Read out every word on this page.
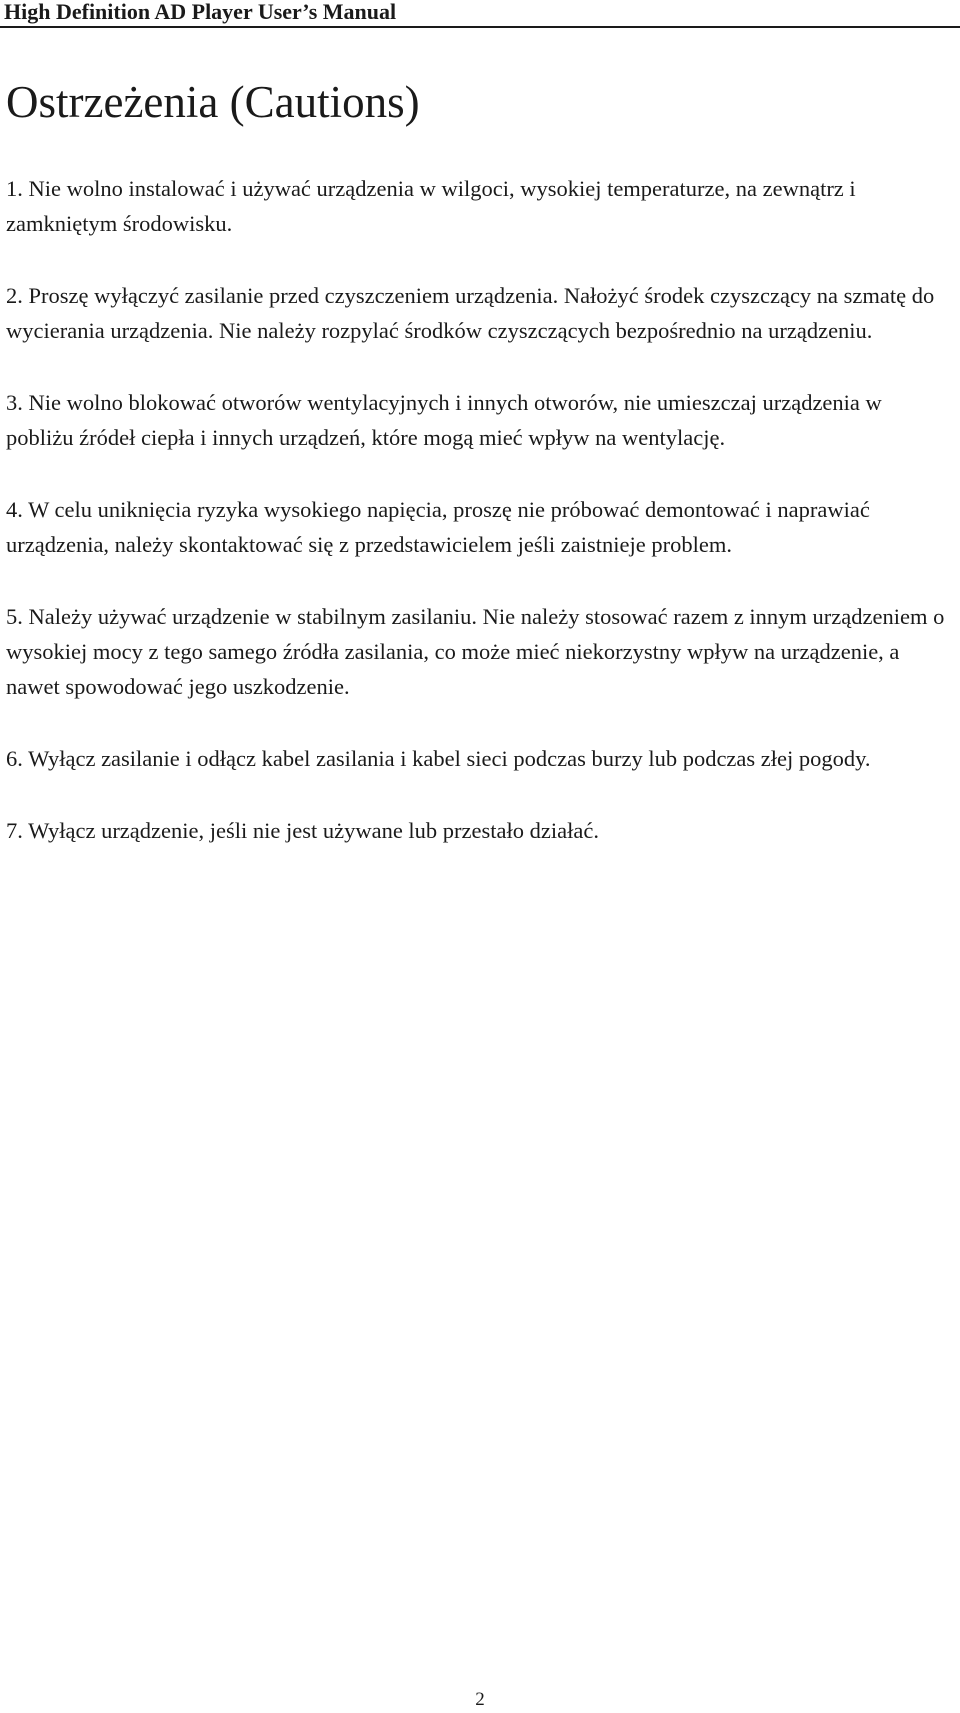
High Definition AD Player User’s Manual
Ostrzeżenia (Cautions)
1. Nie wolno instalować i używać urządzenia w wilgoci, wysokiej temperaturze, na zewnątrz i zamkniętym środowisku.
2. Proszę wyłączyć zasilanie przed czyszczeniem urządzenia. Nałożyć środek czyszczący na szmatę do wycierania urządzenia. Nie należy rozpylać środków czyszczących bezpośrednio na urządzeniu.
3. Nie wolno blokować otworów wentylacyjnych i innych otworów, nie umieszczaj urządzenia w pobliżu źródeł ciepła i innych urządzeń, które mogą mieć wpływ na wentylację.
4. W celu uniknięcia ryzyka wysokiego napięcia, proszę nie próbować demontować i naprawiać urządzenia, należy skontaktować się z przedstawicielem jeśli zaistnieje problem.
5. Należy używać urządzenie w stabilnym zasilaniu. Nie należy stosować razem z innym urządzeniem o wysokiej mocy z tego samego źródła zasilania, co może mieć niekorzystny wpływ na urządzenie, a nawet spowodować jego uszkodzenie.
6. Wyłącz zasilanie i odłącz kabel zasilania i kabel sieci podczas burzy lub podczas złej pogody.
7. Wyłącz urządzenie, jeśli nie jest używane lub przestało działać.
2
